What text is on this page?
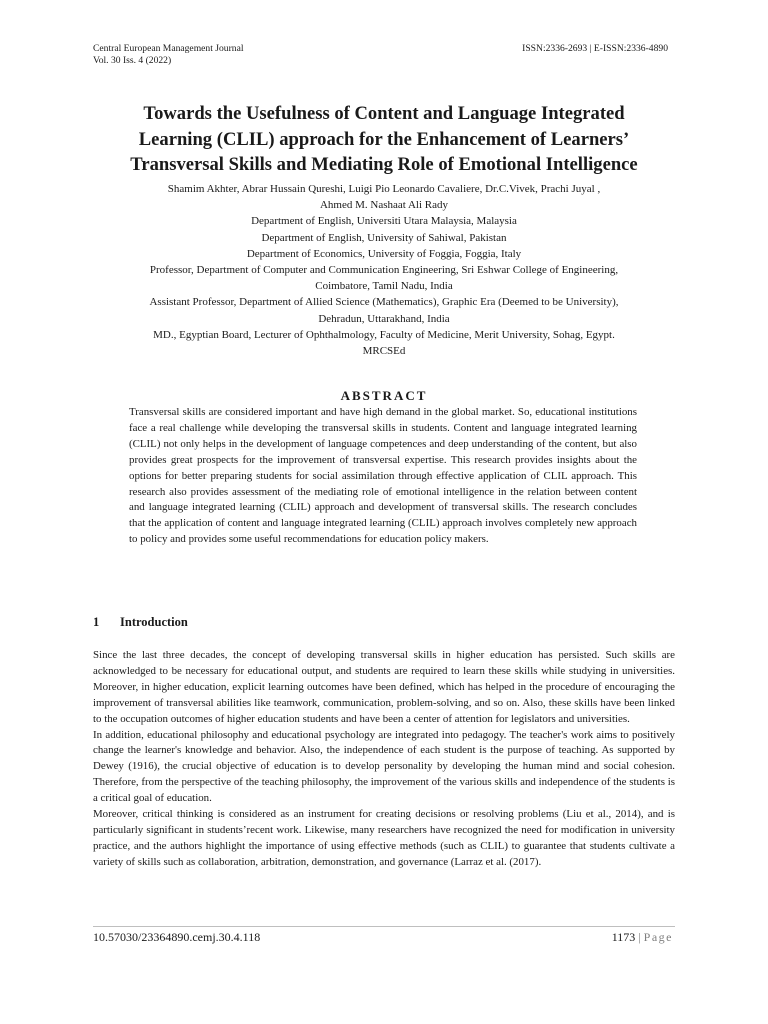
Central European Management Journal
Vol. 30 Iss. 4 (2022)
ISSN:2336-2693 | E-ISSN:2336-4890
Towards the Usefulness of Content and Language Integrated
Learning (CLIL) approach for the Enhancement of Learners’
Transversal Skills and Mediating Role of Emotional Intelligence
Shamim Akhter, Abrar Hussain Qureshi, Luigi Pio Leonardo Cavaliere, Dr.C.Vivek, Prachi Juyal ,
Ahmed M. Nashaat Ali Rady
Department of English, Universiti Utara Malaysia, Malaysia
Department of English, University of Sahiwal, Pakistan
Department of Economics, University of Foggia, Foggia, Italy
Professor, Department of Computer and Communication Engineering, Sri Eshwar College of Engineering,
Coimbatore, Tamil Nadu, India
Assistant Professor, Department of Allied Science (Mathematics), Graphic Era (Deemed to be University),
Dehradun, Uttarakhand, India
MD., Egyptian Board, Lecturer of Ophthalmology, Faculty of Medicine, Merit University, Sohag, Egypt.
MRCSEd
ABSTRACT

Transversal skills are considered important and have high demand in the global market. So, educational institutions face a real challenge while developing the transversal skills in students. Content and language integrated learning (CLIL) not only helps in the development of language competences and deep understanding of the content, but also provides great prospects for the improvement of transversal expertise. This research provides insights about the options for better preparing students for social assimilation through effective application of CLIL approach. This research also provides assessment of the mediating role of emotional intelligence in the relation between content and language integrated learning (CLIL) approach and development of transversal skills. The research concludes that the application of content and language integrated learning (CLIL) approach involves completely new approach to policy and provides some useful recommendations for education policy makers.

1 Introduction

Since the last three decades, the concept of developing transversal skills in higher education has persisted. Such skills are acknowledged to be necessary for educational output, and students are required to learn these skills while studying in universities. Moreover, in higher education, explicit learning outcomes have been defined, which has helped in the procedure of encouraging the improvement of transversal abilities like teamwork, communication, problem-solving, and so on. Also, these skills have been linked to the occupation outcomes of higher education students and have been a center of attention for legislators and universities.

In addition, educational philosophy and educational psychology are integrated into pedagogy. The teacher's work aims to positively change the learner's knowledge and behavior. Also, the independence of each student is the purpose of teaching. As supported by Dewey (1916), the crucial objective of education is to develop personality by developing the human mind and social cohesion. Therefore, from the perspective of the teaching philosophy, the improvement of the various skills and independence of the students is a critical goal of education.

Moreover, critical thinking is considered as an instrument for creating decisions or resolving problems (Liu et al., 2014), and is particularly significant in students’recent work. Likewise, many researchers have recognized the need for modification in university practice, and the authors highlight the importance of using effective methods (such as CLIL) to guarantee that students cultivate a variety of skills such as collaboration, arbitration, demonstration, and governance (Larraz et al. (2017).

10.57030/23364890.cemj.30.4.118	1173 | Page
